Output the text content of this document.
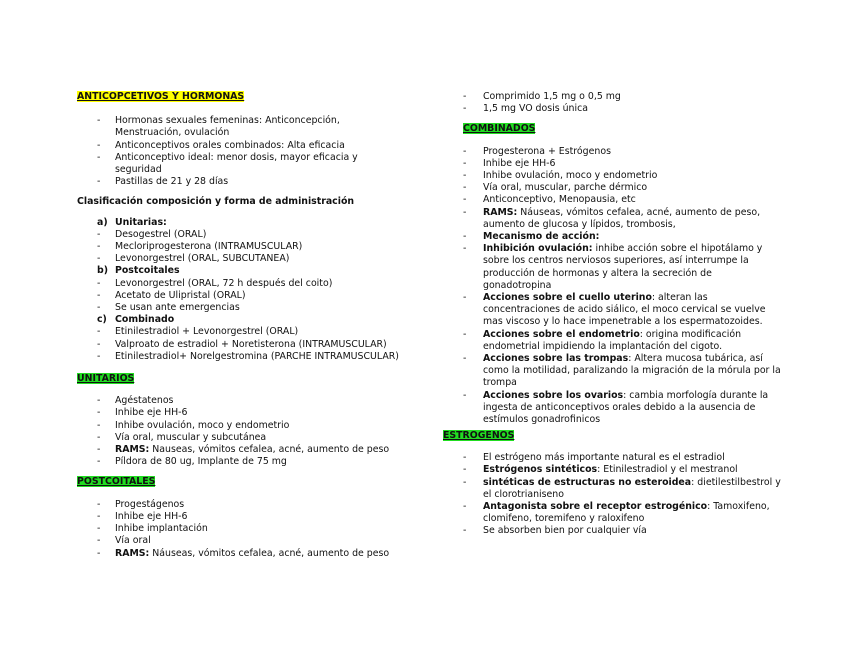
ANTICOPCETIVOS Y HORMONAS
- Hormonas sexuales femeninas: Anticoncepción, Menstruación, ovulación
- Anticonceptivos orales combinados: Alta eficacia
- Anticonceptivo ideal: menor dosis, mayor eficacia y seguridad
- Pastillas de 21 y 28 días
Clasificación composición y forma de administración
a) Unitarias:
- Desogestrel (ORAL)
- Mecloriprogesterona (INTRAMUSCULAR)
- Levonorgestrel (ORAL, SUBCUTANEA)
b) Postcoitales
- Levonorgestrel (ORAL, 72 h después del coito)
- Acetato de Ulipristal (ORAL)
- Se usan ante emergencias
c) Combinado
- Etinilestradiol + Levonorgestrel (ORAL)
- Valproato de estradiol + Noretisterona (INTRAMUSCULAR)
- Etinilestradiol+ Norelgestromina (PARCHE INTRAMUSCULAR)
UNITARIOS
- Agéstatenos
- Inhibe eje HH-6
- Inhibe ovulación, moco y endometrio
- Vía oral, muscular y subcutánea
- RAMS: Nauseas, vómitos cefalea, acné, aumento de peso
- Píldora de 80 ug, Implante de 75 mg
POSTCOITALES
- Progestágenos
- Inhibe eje HH-6
- Inhibe implantación
- Vía oral
- RAMS: Náuseas, vómitos cefalea, acné, aumento de peso
- Comprimido 1,5 mg o 0,5 mg
- 1,5 mg VO dosis única
COMBINADOS
- Progesterona + Estrógenos
- Inhibe eje HH-6
- Inhibe ovulación, moco y endometrio
- Vía oral, muscular, parche dérmico
- Anticonceptivo, Menopausia, etc
- RAMS: Náuseas, vómitos cefalea, acné, aumento de peso, aumento de glucosa y lípidos, trombosis,
- Mecanismo de acción:
- Inhibición ovulación: inhibe acción sobre el hipotálamo y sobre los centros nerviosos superiores, así interrumpe la producción de hormonas y altera la secreción de gonadotropina
- Acciones sobre el cuello uterino: alteran las concentraciones de acido siálico, el moco cervical se vuelve mas viscoso y lo hace impenetrable a los espermatozoides.
- Acciones sobre el endometrio: origina modificación endometrial impidiendo la implantación del cigoto.
- Acciones sobre las trompas: Altera mucosa tubárica, así como la motilidad, paralizando la migración de la mórula por la trompa
- Acciones sobre los ovarios: cambia morfología durante la ingesta de anticonceptivos orales debido a la ausencia de estímulos gonadrofinicos
ESTROGENOS
- El estrógeno más importante natural es el estradiol
- Estrógenos sintéticos: Etinilestradiol y el mestranol
- sintéticas de estructuras no esteroidea: dietilestilbestrol y el clorotrianiseno
- Antagonista sobre el receptor estrogénico: Tamoxifeno, clomifeno, toremifeno y raloxifeno
- Se absorben bien por cualquier vía
